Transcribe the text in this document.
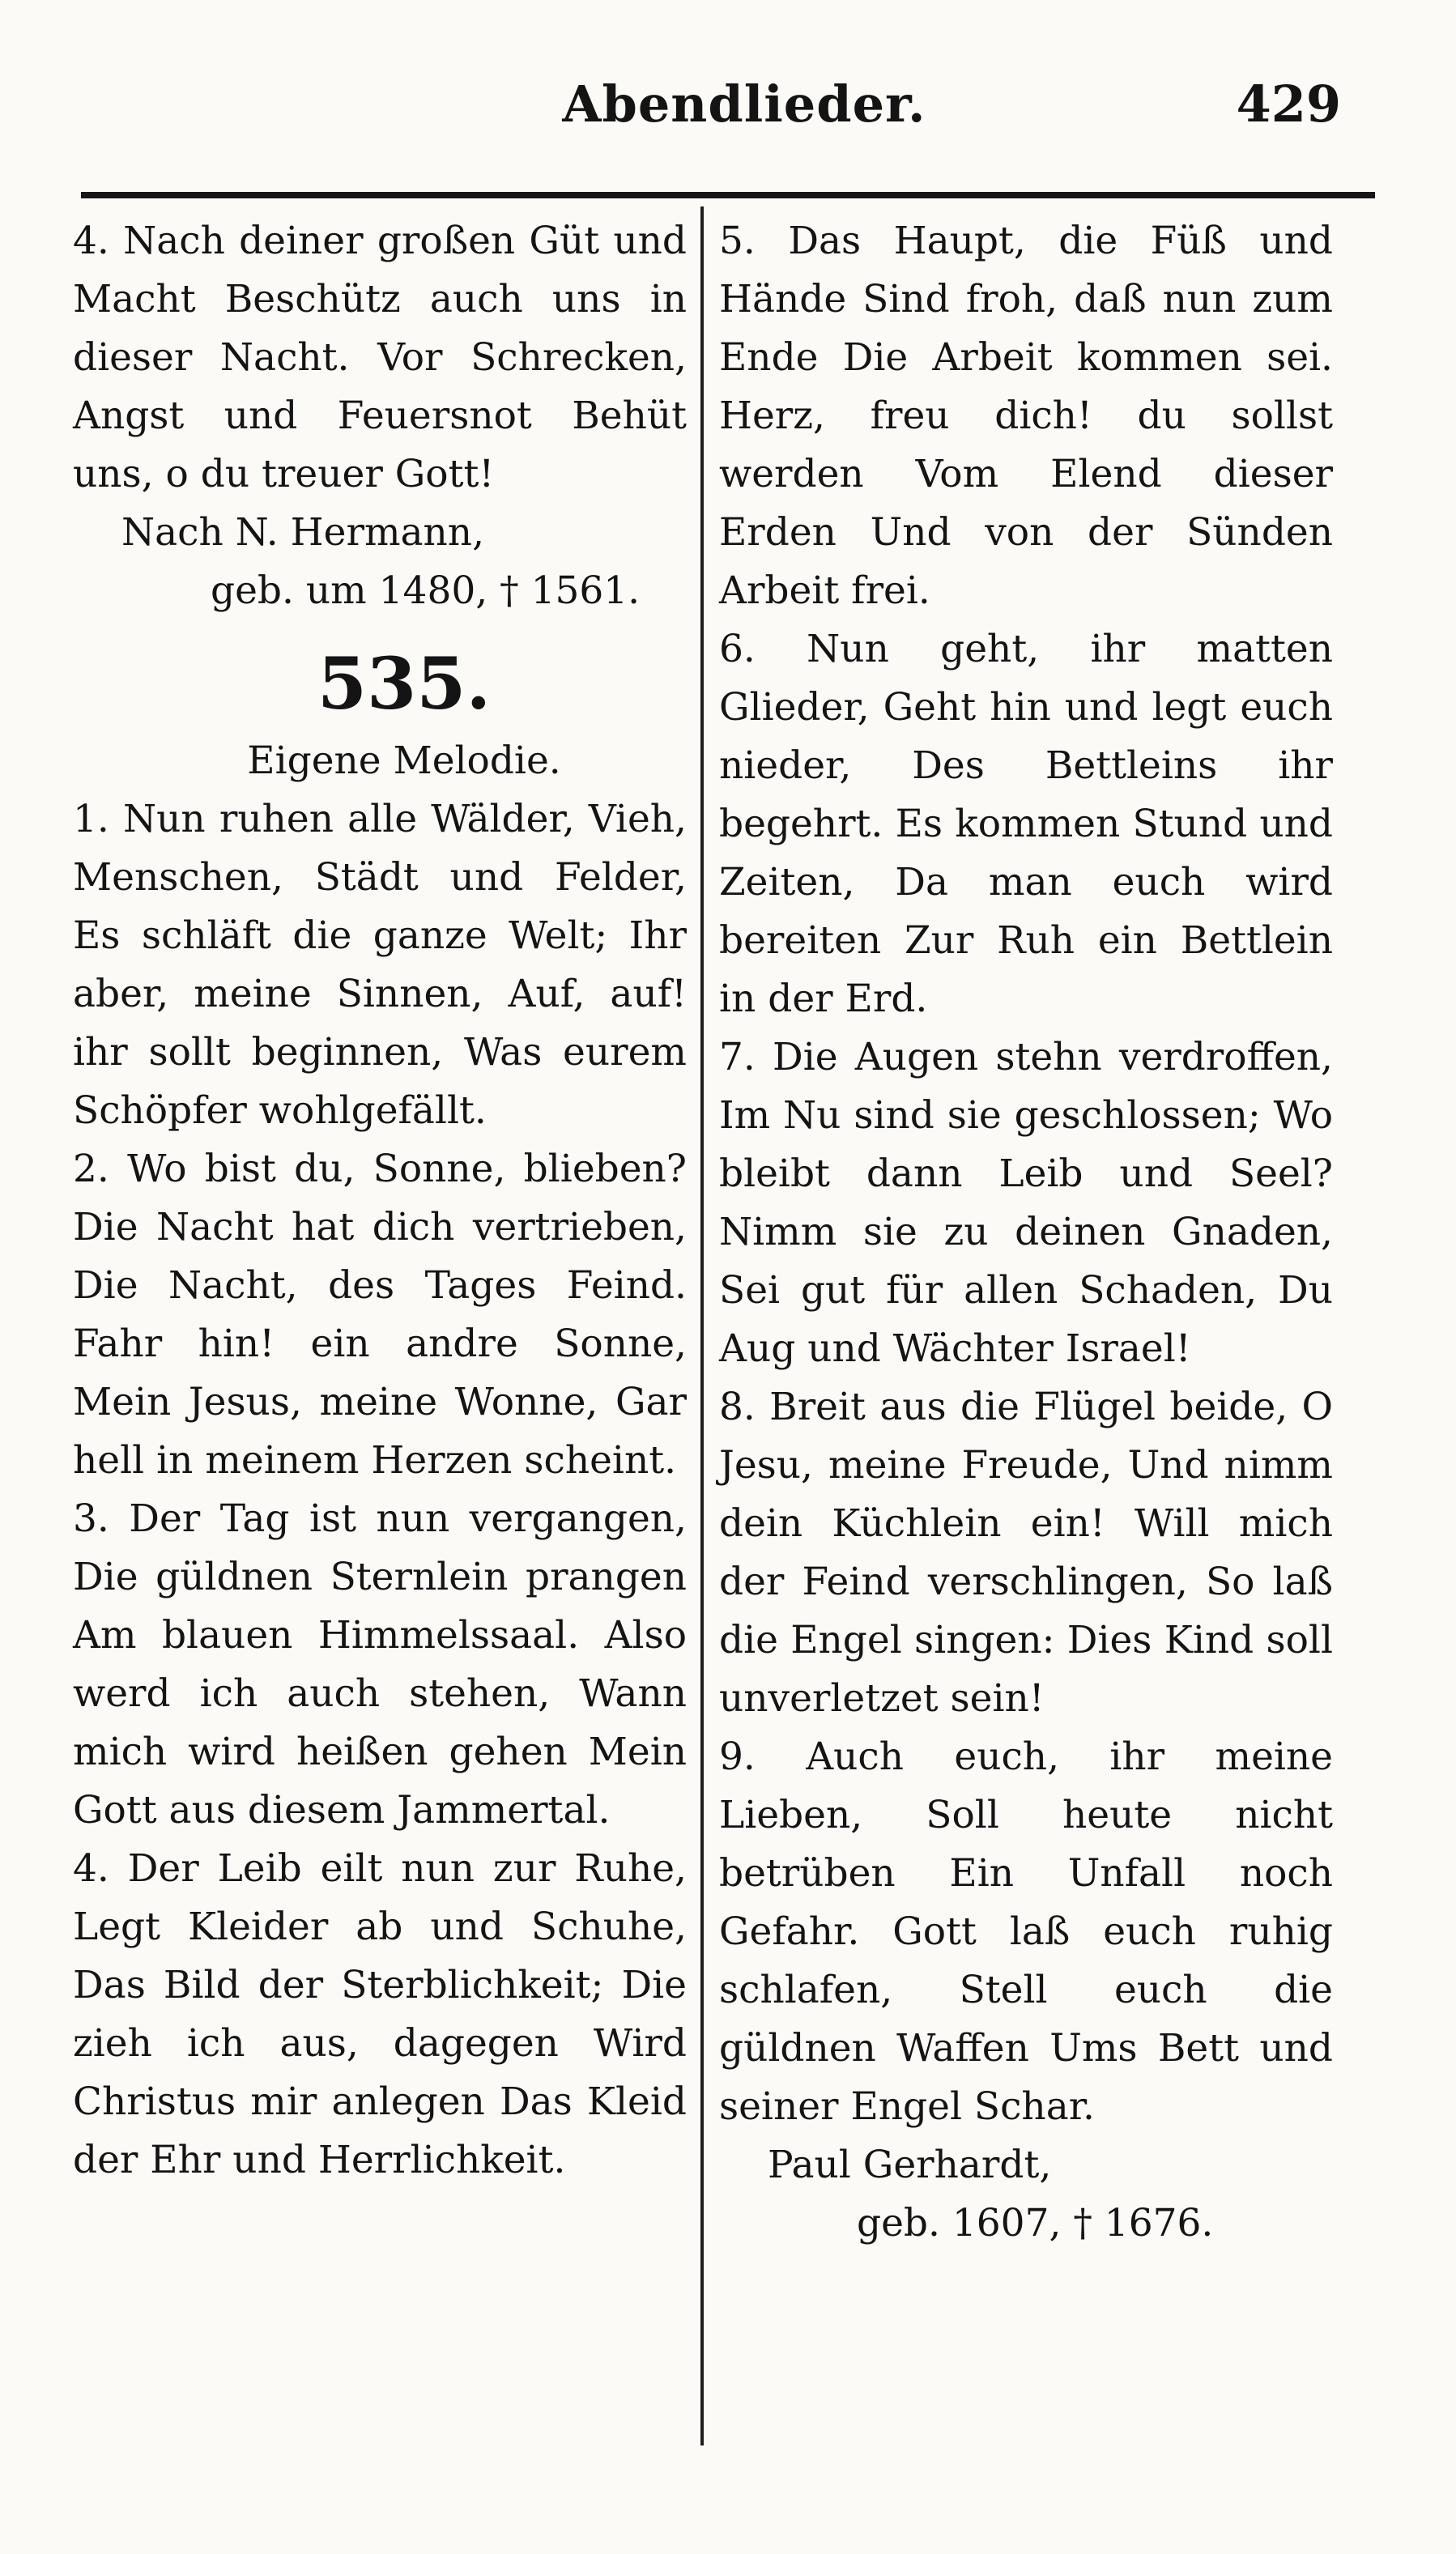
Abendlieder.	429

4. Nach deiner großen Güt und Macht Beschütz auch uns in dieser Nacht. Vor Schrecken, Angst und Feuersnot Behüt uns, o du treuer Gott!

Nach N. Hermann,

geb. um 1480, † 1561.

535.

Eigene Melodie.

1. Nun ruhen alle Wälder, Vieh, Menschen, Städt und Felder, Es schläft die ganze Welt; Ihr aber, meine Sinnen, Auf, auf! ihr sollt beginnen, Was eurem Schöpfer wohlgefällt.

2. Wo bist du, Sonne, blieben? Die Nacht hat dich vertrieben, Die Nacht, des Tages Feind. Fahr hin! ein andre Sonne, Mein Jesus, meine Wonne, Gar hell in meinem Herzen scheint.

3. Der Tag ist nun vergangen, Die güldnen Sternlein prangen Am blauen Himmelssaal. Also werd ich auch stehen, Wann mich wird heißen gehen Mein Gott aus diesem Jammertal.

4. Der Leib eilt nun zur Ruhe, Legt Kleider ab und Schuhe, Das Bild der Sterblichkeit; Die zieh ich aus, dagegen Wird Christus mir anlegen Das Kleid der Ehr und Herrlichkeit.

5. Das Haupt, die Füß und Hände Sind froh, daß nun zum Ende Die Arbeit kommen sei. Herz, freu dich! du sollst werden Vom Elend dieser Erden Und von der Sünden Arbeit frei.

6. Nun geht, ihr matten Glieder, Geht hin und legt euch nieder, Des Bettleins ihr begehrt. Es kommen Stund und Zeiten, Da man euch wird bereiten Zur Ruh ein Bettlein in der Erd.

7. Die Augen stehn verdroffen, Im Nu sind sie geschlossen; Wo bleibt dann Leib und Seel? Nimm sie zu deinen Gnaden, Sei gut für allen Schaden, Du Aug und Wächter Israel!

8. Breit aus die Flügel beide, O Jesu, meine Freude, Und nimm dein Küchlein ein! Will mich der Feind verschlingen, So laß die Engel singen: Dies Kind soll unverletzet sein!

9. Auch euch, ihr meine Lieben, Soll heute nicht betrüben Ein Unfall noch Gefahr. Gott laß euch ruhig schlafen, Stell euch die güldnen Waffen Ums Bett und seiner Engel Schar.

Paul Gerhardt,

geb. 1607, † 1676.
